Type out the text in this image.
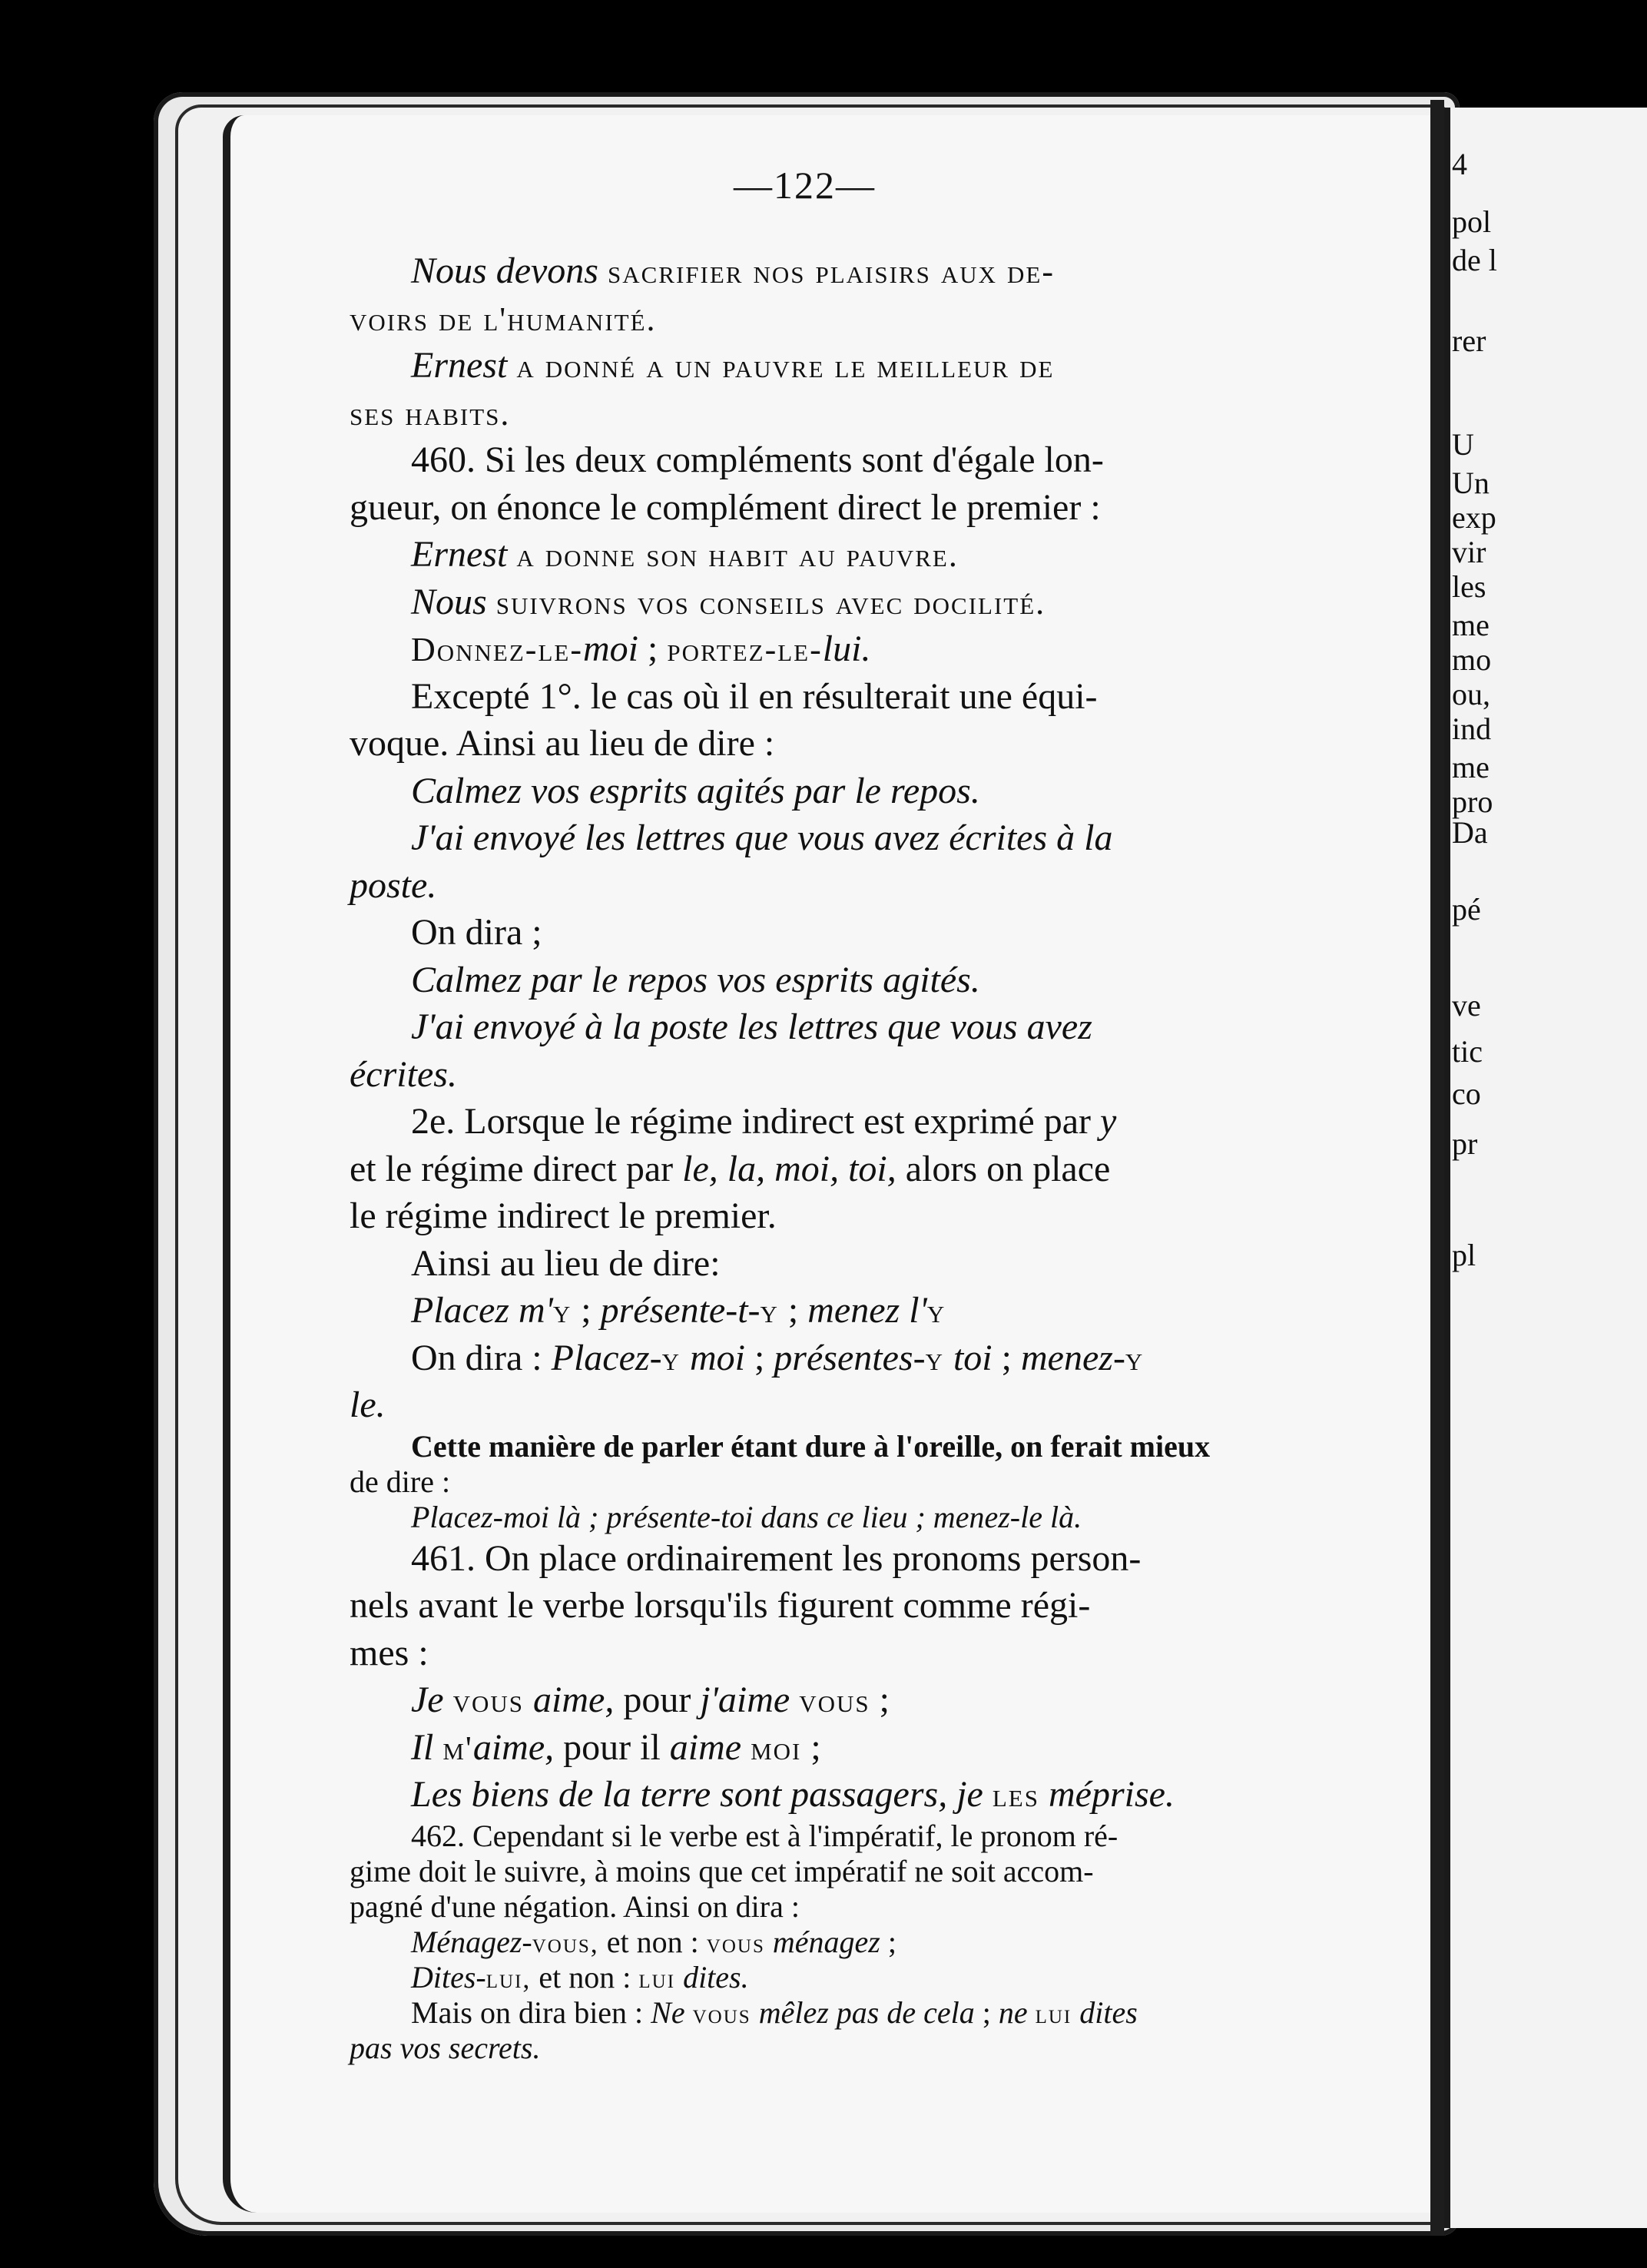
4
pol
de l
rer
U
Un
exp
vir
les
me
mo
ou,
ind
me
pro
Da
pé
ve
tic
co
pr
pl
—122—
Nous devons sacrifier nos plaisirs aux de-
voirs de l'humanité.
Ernest a donné a un pauvre le meilleur de
ses habits.
460. Si les deux compléments sont d'égale lon-
gueur, on énonce le complément direct le premier :
Ernest a donne son habit au pauvre.
Nous suivrons vos conseils avec docilité.
Donnez-le-moi ; portez-le-lui.
Excepté 1°. le cas où il en résulterait une équi-
voque. Ainsi au lieu de dire :
Calmez vos esprits agités par le repos.
J'ai envoyé les lettres que vous avez écrites à la
poste.
On dira ;
Calmez par le repos vos esprits agités.
J'ai envoyé à la poste les lettres que vous avez
écrites.
2e. Lorsque le régime indirect est exprimé par y
et le régime direct par le, la, moi, toi, alors on place
le régime indirect le premier.
Ainsi au lieu de dire:
Placez m'y ; présente-t-y ; menez l'y
On dira : Placez-y moi ; présentes-y toi ; menez-y
le.
Cette manière de parler étant dure à l'oreille, on ferait mieux
de dire :
Placez-moi là ; présente-toi dans ce lieu ; menez-le là.
461. On place ordinairement les pronoms person-
nels avant le verbe lorsqu'ils figurent comme régi-
mes :
Je vous aime, pour j'aime vous ;
Il m'aime, pour il aime moi ;
Les biens de la terre sont passagers, je les méprise.
462. Cependant si le verbe est à l'impératif, le pronom ré-
gime doit le suivre, à moins que cet impératif ne soit accom-
pagné d'une négation. Ainsi on dira :
Ménagez-vous, et non : vous ménagez ;
Dites-lui, et non : lui dites.
Mais on dira bien : Ne vous mêlez pas de cela ; ne lui dites
pas vos secrets.
